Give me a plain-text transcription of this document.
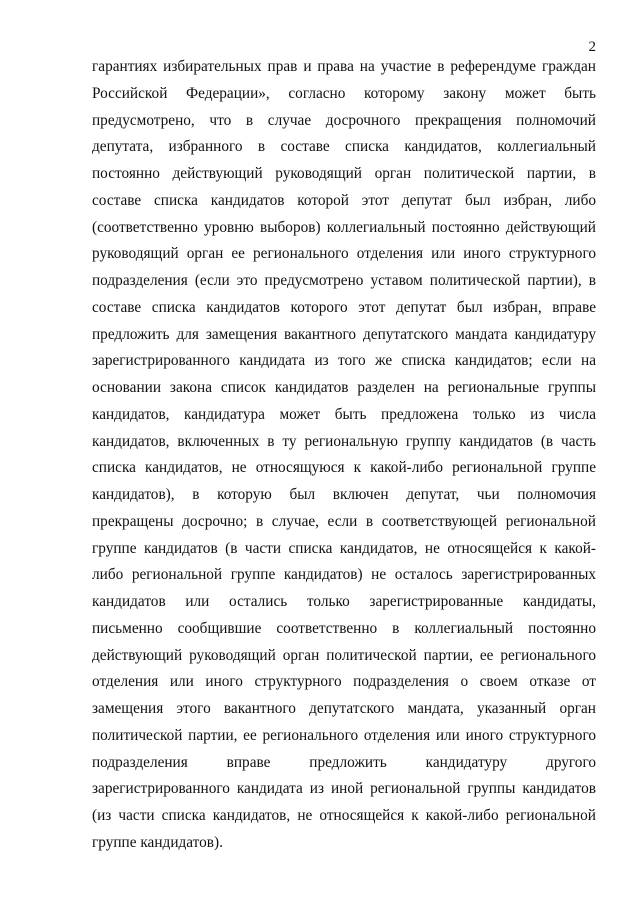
2
гарантиях избирательных прав и права на участие в референдуме граждан
Российской Федерации», согласно которому закону может быть
предусмотрено, что в случае досрочного прекращения полномочий
депутата, избранного в составе списка кандидатов, коллегиальный
постоянно действующий руководящий орган политической партии, в
составе списка кандидатов которой этот депутат был избран, либо
(соответственно уровню выборов) коллегиальный постоянно действующий
руководящий орган ее регионального отделения или иного структурного
подразделения (если это предусмотрено уставом политической партии), в
составе списка кандидатов которого этот депутат был избран, вправе
предложить для замещения вакантного депутатского мандата кандидатуру
зарегистрированного кандидата из того же списка кандидатов; если на
основании закона список кандидатов разделен на региональные группы
кандидатов, кандидатура может быть предложена только из числа
кандидатов, включенных в ту региональную группу кандидатов (в часть
списка кандидатов, не относящуюся к какой-либо региональной группе
кандидатов), в которую был включен депутат, чьи полномочия
прекращены досрочно; в случае, если в соответствующей региональной
группе кандидатов (в части списка кандидатов, не относящейся к какой-
либо региональной группе кандидатов) не осталось зарегистрированных
кандидатов или остались только зарегистрированные кандидаты,
письменно сообщившие соответственно в коллегиальный постоянно
действующий руководящий орган политической партии, ее регионального
отделения или иного структурного подразделения о своем отказе от
замещения этого вакантного депутатского мандата, указанный орган
политической партии, ее регионального отделения или иного структурного
подразделения вправе предложить кандидатуру другого
зарегистрированного кандидата из иной региональной группы кандидатов
(из части списка кандидатов, не относящейся к какой-либо региональной
группе кандидатов).
